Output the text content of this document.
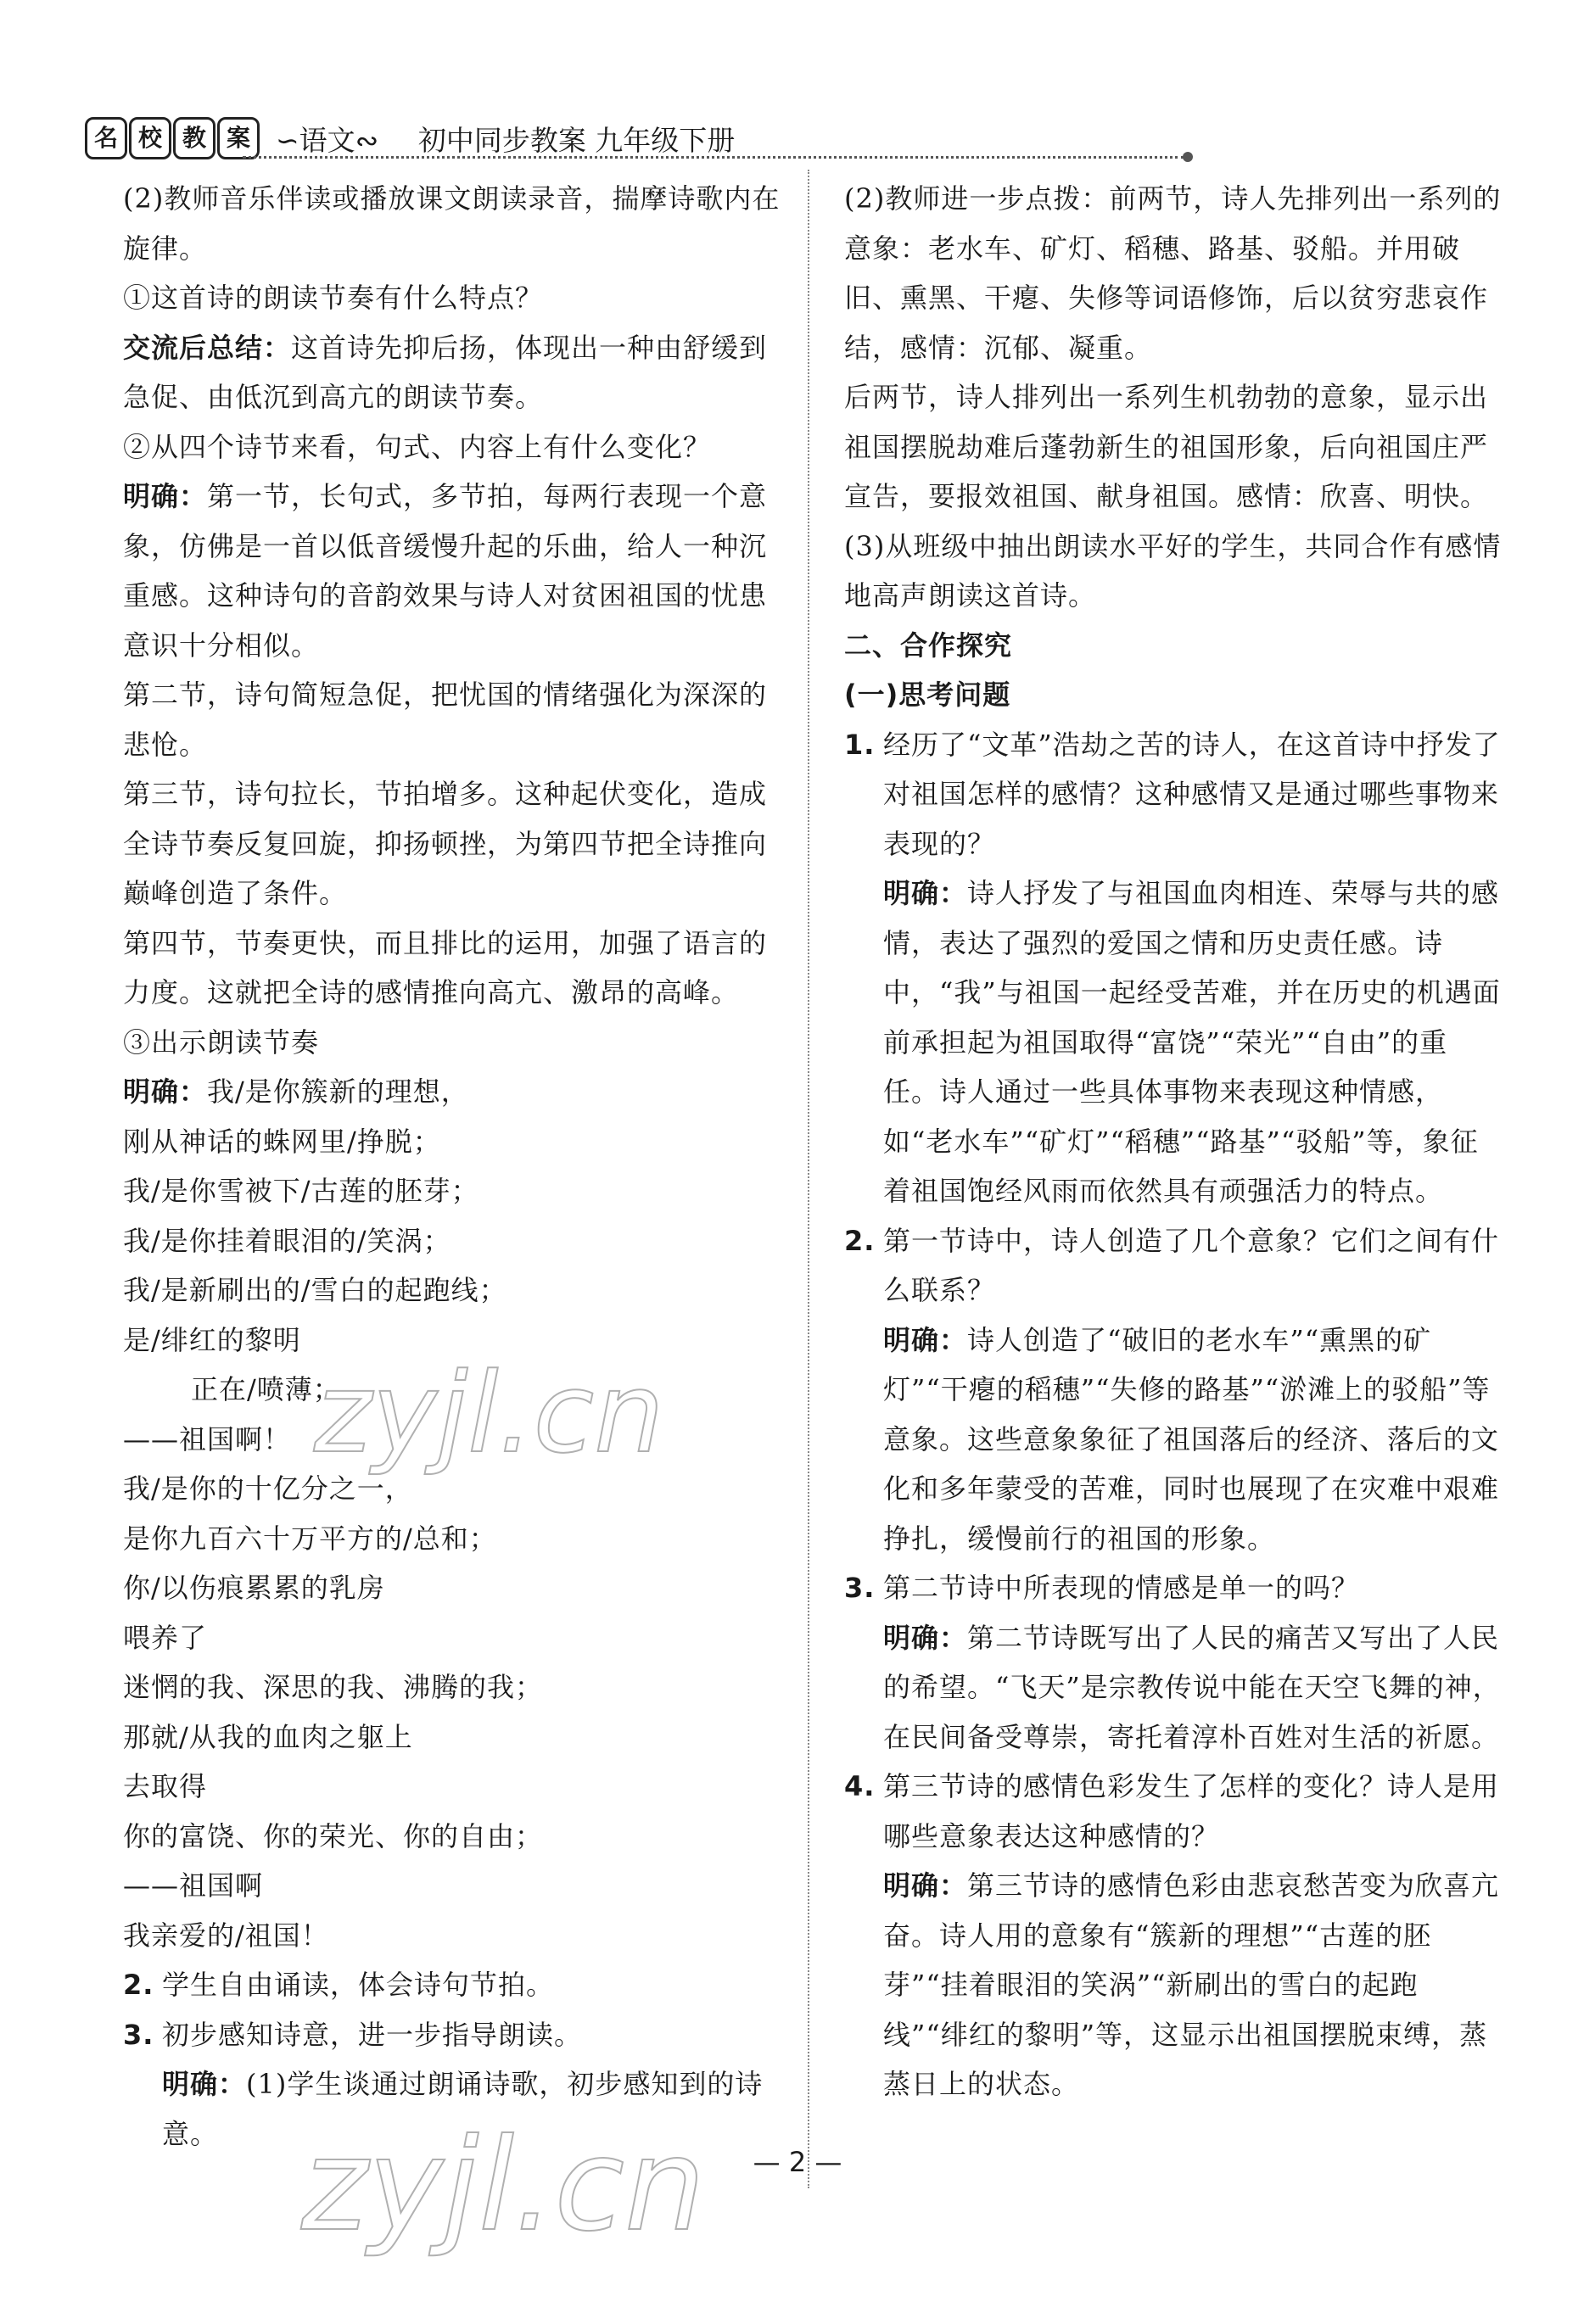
名 校 教 案 ∽语文∾ 初中同步教案 九年级下册

(2)教师音乐伴读或播放课文朗读录音，揣摩诗歌内在旋律。

①这首诗的朗读节奏有什么特点？

交流后总结：这首诗先抑后扬，体现出一种由舒缓到急促、由低沉到高亢的朗读节奏。

②从四个诗节来看，句式、内容上有什么变化？

明确：第一节，长句式，多节拍，每两行表现一个意象，仿佛是一首以低音缓慢升起的乐曲，给人一种沉重感。这种诗句的音韵效果与诗人对贫困祖国的忧患意识十分相似。

第二节，诗句简短急促，把忧国的情绪强化为深深的悲怆。

第三节，诗句拉长，节拍增多。这种起伏变化，造成全诗节奏反复回旋，抑扬顿挫，为第四节把全诗推向巅峰创造了条件。

第四节，节奏更快，而且排比的运用，加强了语言的力度。这就把全诗的感情推向高亢、激昂的高峰。

③出示朗读节奏

明确：我/是你簇新的理想，

刚从神话的蛛网里/挣脱；

我/是你雪被下/古莲的胚芽；

我/是你挂着眼泪的/笑涡；

我/是新刷出的/雪白的起跑线；

是/绯红的黎明

正在/喷薄；

——祖国啊！

我/是你的十亿分之一，

是你九百六十万平方的/总和；

你/以伤痕累累的乳房

喂养了

迷惘的我、深思的我、沸腾的我；

那就/从我的血肉之躯上

去取得

你的富饶、你的荣光、你的自由；

——祖国啊

我亲爱的/祖国！

2. 学生自由诵读，体会诗句节拍。

3. 初步感知诗意，进一步指导朗读。

明确：(1)学生谈通过朗诵诗歌，初步感知到的诗意。

(2)教师进一步点拨：前两节，诗人先排列出一系列的意象：老水车、矿灯、稻穗、路基、驳船。并用破旧、熏黑、干瘪、失修等词语修饰，后以贫穷悲哀作结，感情：沉郁、凝重。

后两节，诗人排列出一系列生机勃勃的意象，显示出祖国摆脱劫难后蓬勃新生的祖国形象，后向祖国庄严宣告，要报效祖国、献身祖国。感情：欣喜、明快。

(3)从班级中抽出朗读水平好的学生，共同合作有感情地高声朗读这首诗。

二、合作探究

(一)思考问题

1. 经历了“文革”浩劫之苦的诗人，在这首诗中抒发了对祖国怎样的感情？这种感情又是通过哪些事物来表现的？

明确：诗人抒发了与祖国血肉相连、荣辱与共的感情，表达了强烈的爱国之情和历史责任感。诗中，“我”与祖国一起经受苦难，并在历史的机遇面前承担起为祖国取得“富饶”“荣光”“自由”的重任。诗人通过一些具体事物来表现这种情感，如“老水车”“矿灯”“稻穗”“路基”“驳船”等，象征着祖国饱经风雨而依然具有顽强活力的特点。

2. 第一节诗中，诗人创造了几个意象？它们之间有什么联系？

明确：诗人创造了“破旧的老水车”“熏黑的矿灯”“干瘪的稻穗”“失修的路基”“淤滩上的驳船”等意象。这些意象象征了祖国落后的经济、落后的文化和多年蒙受的苦难，同时也展现了在灾难中艰难挣扎，缓慢前行的祖国的形象。

3. 第二节诗中所表现的情感是单一的吗？

明确：第二节诗既写出了人民的痛苦又写出了人民的希望。“飞天”是宗教传说中能在天空飞舞的神，在民间备受尊崇，寄托着淳朴百姓对生活的祈愿。

4. 第三节诗的感情色彩发生了怎样的变化？诗人是用哪些意象表达这种感情的？

明确：第三节诗的感情色彩由悲哀愁苦变为欣喜亢奋。诗人用的意象有“簇新的理想”“古莲的胚芽”“挂着眼泪的笑涡”“新刷出的雪白的起跑线”“绯红的黎明”等，这显示出祖国摆脱束缚，蒸蒸日上的状态。

zyjl.cn
zyjl.cn	— 2 —
